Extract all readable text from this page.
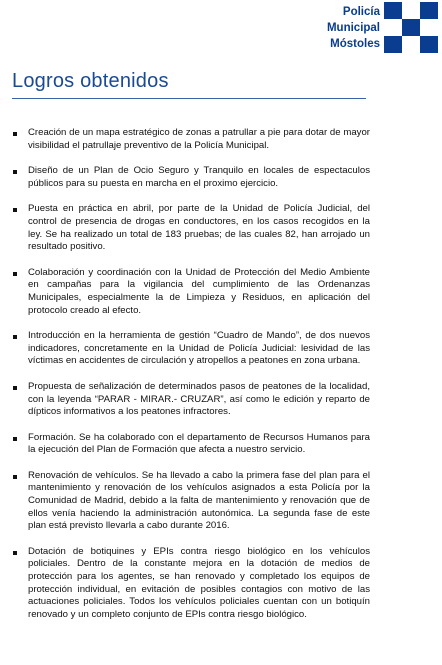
Policía
Municipal
Móstoles
Logros obtenidos
Creación de un mapa estratégico de zonas a patrullar a pie para dotar de mayor visibilidad el patrullaje preventivo de la Policía Municipal.
Diseño de un Plan de Ocio Seguro y Tranquilo en locales de espectaculos públicos para su puesta en marcha en el proximo ejercicio.
Puesta en práctica en abril, por parte de la Unidad de Policía Judicial, del control de presencia de drogas en conductores, en los casos recogidos en la ley. Se ha realizado un total de 183 pruebas; de las cuales 82, han arrojado un resultado positivo.
Colaboración y coordinación con la Unidad de Protección del Medio Ambiente en campañas para la vigilancia del cumplimiento de las Ordenanzas Municipales, especialmente la de Limpieza y Residuos, en aplicación del protocolo creado al efecto.
Introducción en la herramienta de gestión “Cuadro de Mando”, de dos nuevos indicadores, concretamente en la Unidad de Policía Judicial: lesividad de las víctimas en accidentes de circulación y atropellos a peatones en zona urbana.
Propuesta de señalización de determinados pasos de peatones de la localidad, con la leyenda “PARAR - MIRAR.- CRUZAR”, así como le edición y reparto de dípticos informativos a los peatones infractores.
Formación. Se ha colaborado con el departamento de Recursos Humanos para la ejecución del Plan de Formación que afecta a nuestro servicio.
Renovación de vehículos. Se ha llevado a cabo la primera fase del plan para el mantenimiento y renovación de los vehículos asignados a esta Policía por la Comunidad de Madrid, debido a la falta de mantenimiento y renovación que de ellos venía haciendo la administración autonómica. La segunda fase de este plan está previsto llevarla a cabo durante 2016.
Dotación de botiquines y EPIs contra riesgo biológico en los vehículos policiales. Dentro de la constante mejora en la dotación de medios de protección para los agentes, se han renovado y completado los equipos de protección individual, en evitación de posibles contagios con motivo de las actuaciones policiales. Todos los vehículos policiales cuentan con un botiquín renovado y un completo conjunto de EPIs contra riesgo biológico.
